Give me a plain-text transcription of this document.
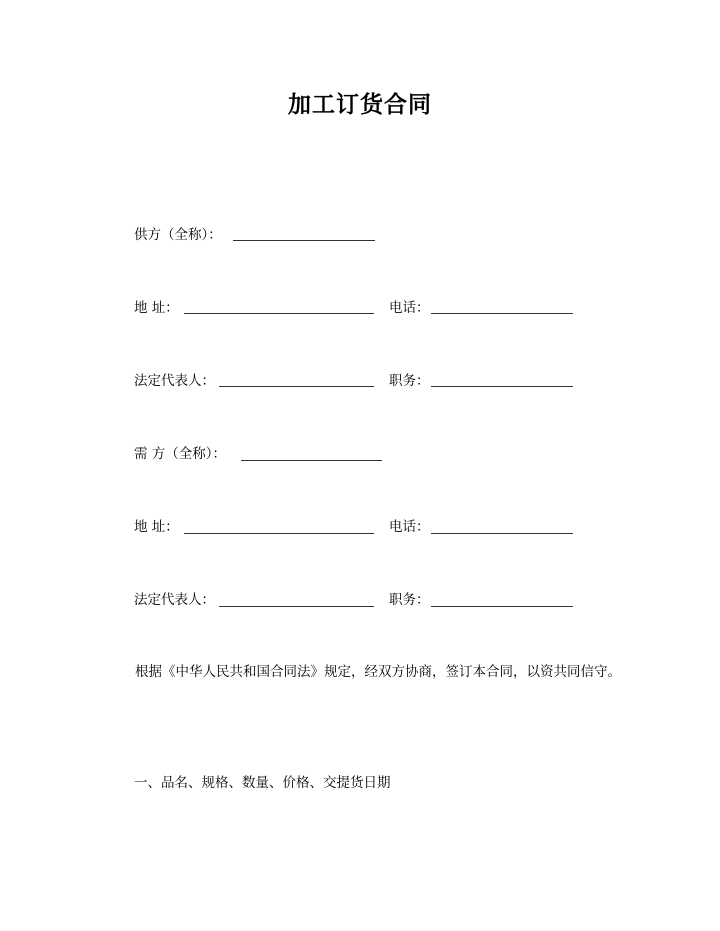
加工订货合同
供方（全称）：
地 址：	电话：
法定代表人：	职务：
需 方（全称）：
地 址：	电话：
法定代表人：	职务：
根据《中华人民共和国合同法》规定，经双方协商，签订本合同，以资共同信守。
一、品名、规格、数量、价格、交提货日期
